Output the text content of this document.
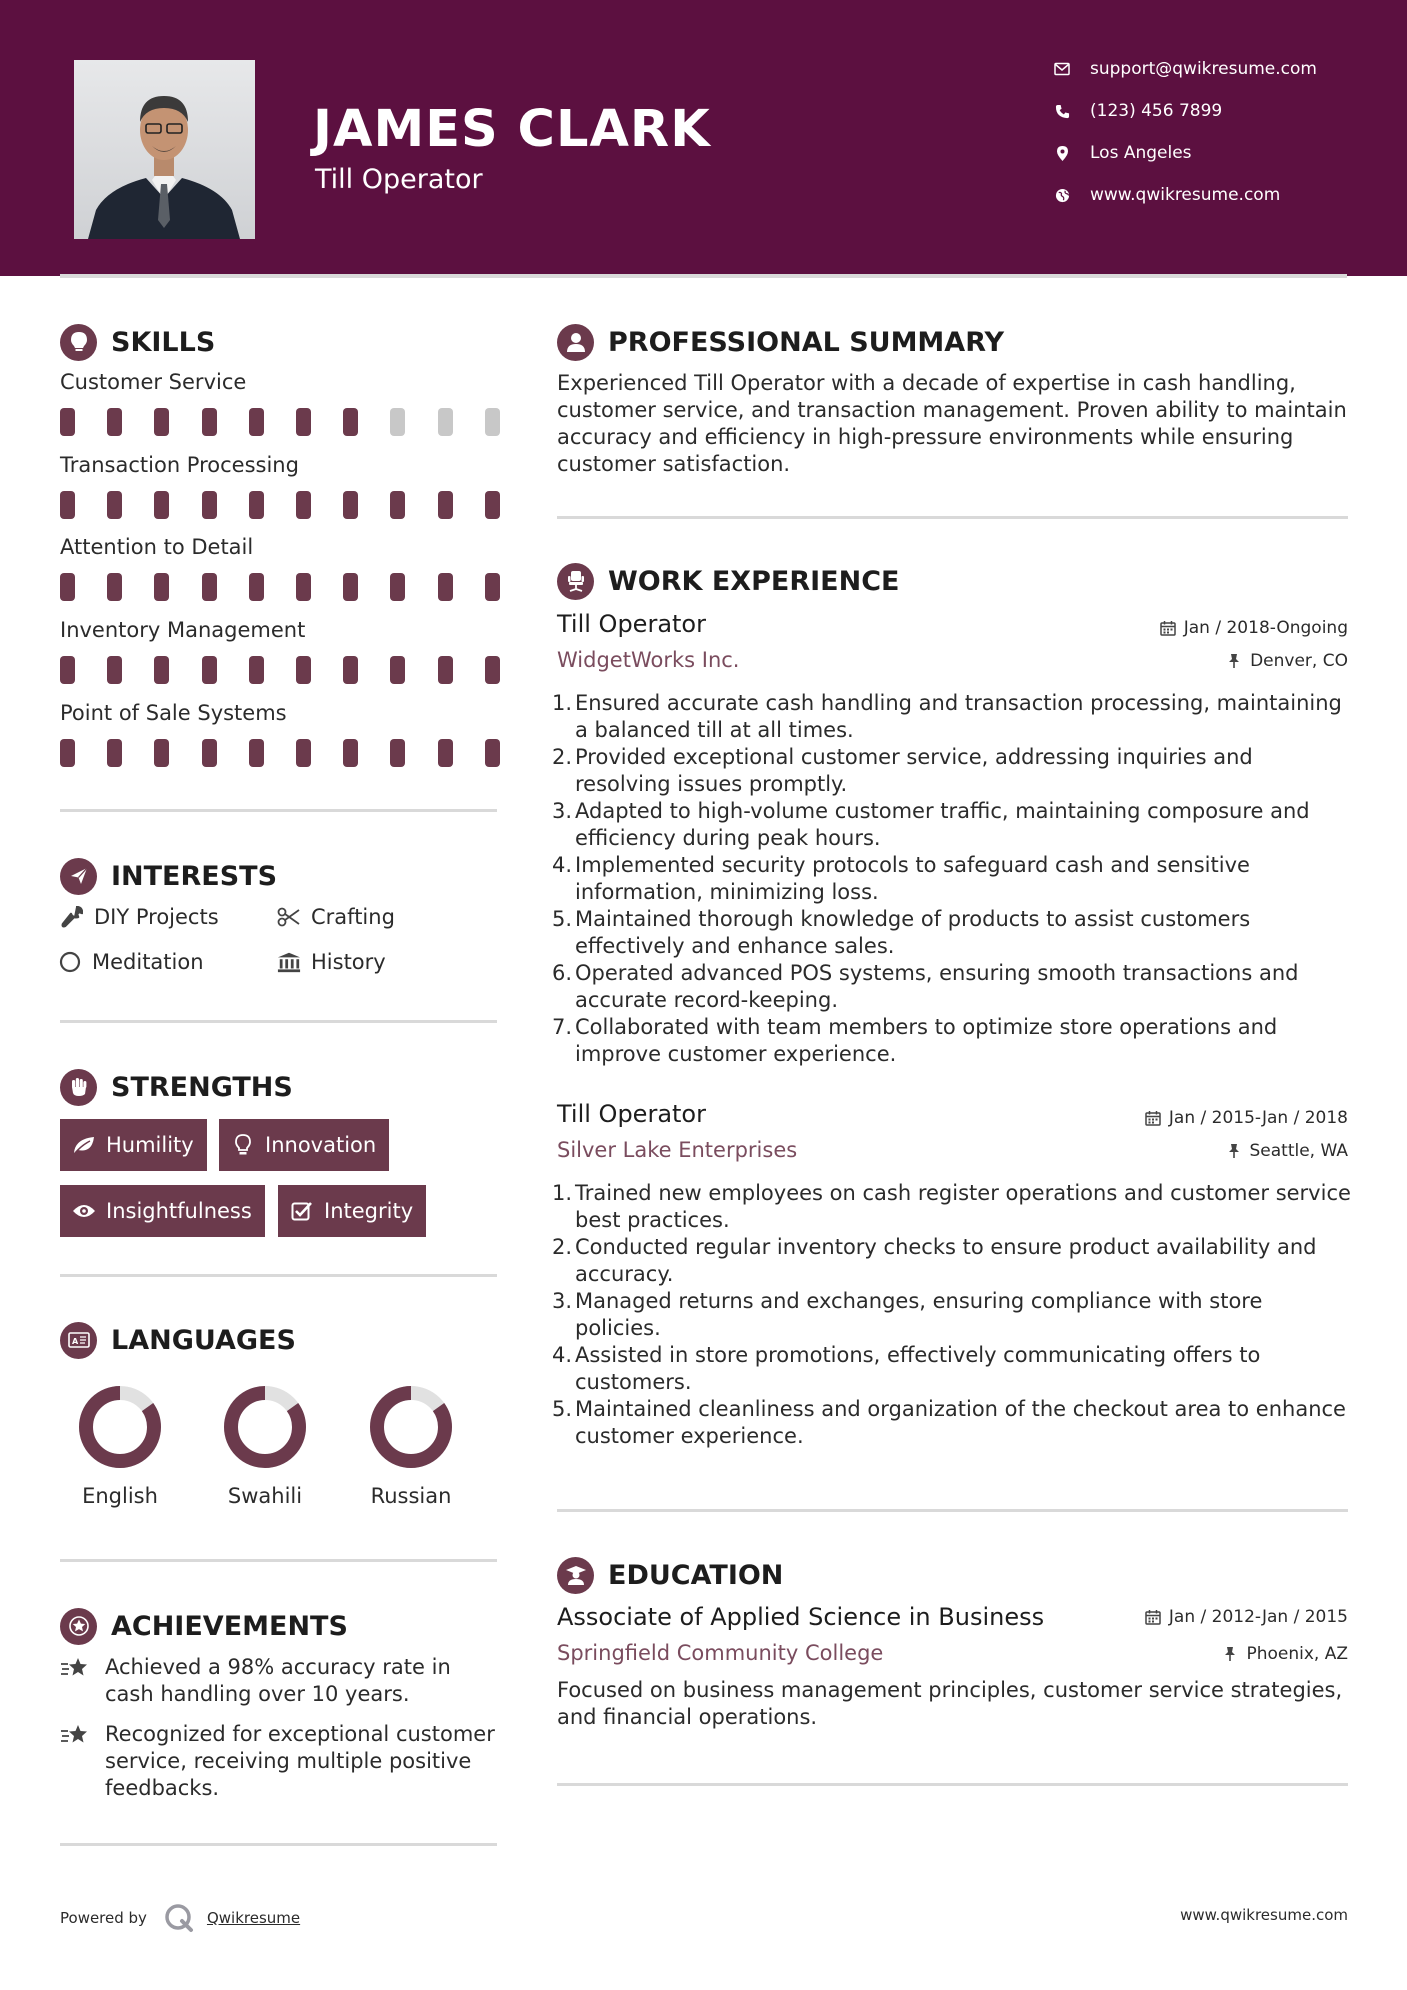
JAMES CLARK
Till Operator
support@qwikresume.com
(123) 456 7899
Los Angeles
www.qwikresume.com
SKILLS
Customer Service
Transaction Processing
Attention to Detail
Inventory Management
Point of Sale Systems
INTERESTS
DIY Projects	Crafting
Meditation	History
STRENGTHS
Humility	Innovation
Insightfulness	Integrity
A LANGUAGES
English	Swahili	Russian
ACHIEVEMENTS
Achieved a 98% accuracy rate in cash handling over 10 years.
Recognized for exceptional customer service, receiving multiple positive feedbacks.
PROFESSIONAL SUMMARY
Experienced Till Operator with a decade of expertise in cash handling, customer service, and transaction management. Proven ability to maintain accuracy and efficiency in high-pressure environments while ensuring customer satisfaction.
WORK EXPERIENCE
Till Operator	Jan / 2018-Ongoing
WidgetWorks Inc.	Denver, CO
1. Ensured accurate cash handling and transaction processing, maintaining a balanced till at all times.
2. Provided exceptional customer service, addressing inquiries and resolving issues promptly.
3. Adapted to high-volume customer traffic, maintaining composure and efficiency during peak hours.
4. Implemented security protocols to safeguard cash and sensitive information, minimizing loss.
5. Maintained thorough knowledge of products to assist customers effectively and enhance sales.
6. Operated advanced POS systems, ensuring smooth transactions and accurate record-keeping.
7. Collaborated with team members to optimize store operations and improve customer experience.
Till Operator	Jan / 2015-Jan / 2018
Silver Lake Enterprises	Seattle, WA
1. Trained new employees on cash register operations and customer service best practices.
2. Conducted regular inventory checks to ensure product availability and accuracy.
3. Managed returns and exchanges, ensuring compliance with store policies.
4. Assisted in store promotions, effectively communicating offers to customers.
5. Maintained cleanliness and organization of the checkout area to enhance customer experience.
EDUCATION
Associate of Applied Science in Business	Jan / 2012-Jan / 2015
Springfield Community College	Phoenix, AZ
Focused on business management principles, customer service strategies, and financial operations.
Powered by	Qwikresume	www.qwikresume.com
